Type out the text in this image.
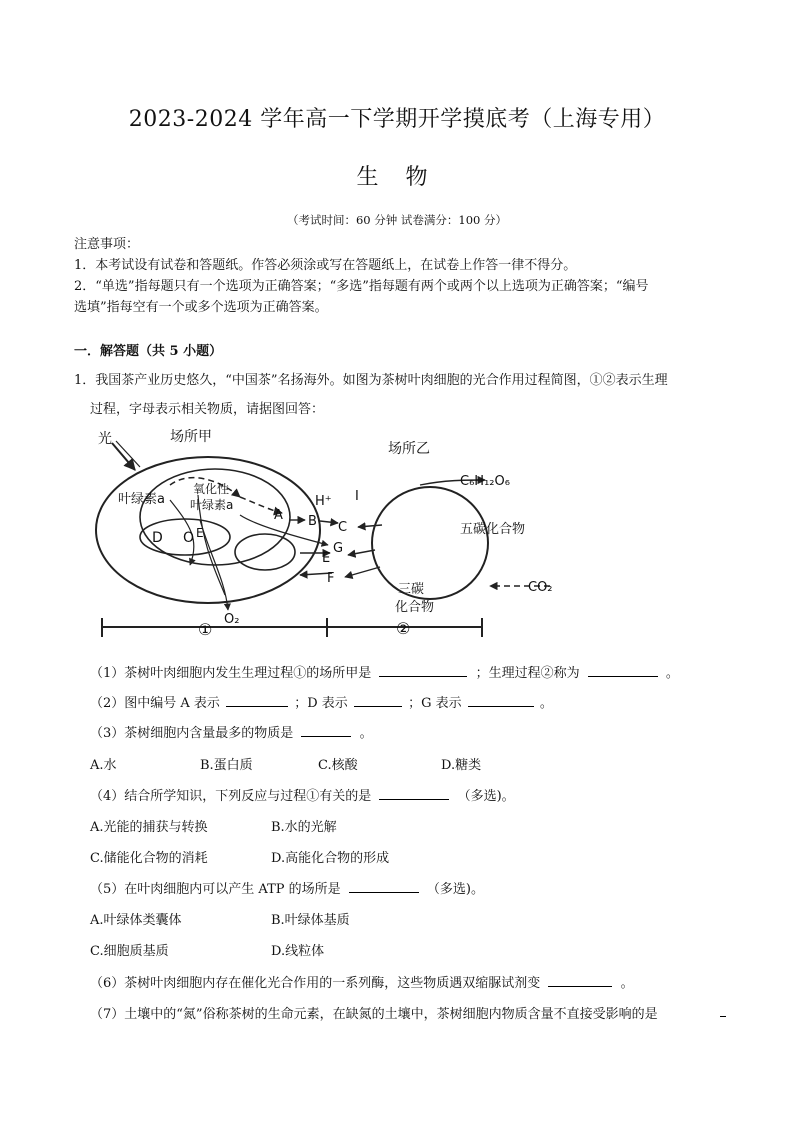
2023-2024 学年高一下学期开学摸底考（上海专用）
生 物
（考试时间：60 分钟 试卷满分：100 分）
注意事项：
1．本考试设有试卷和答题纸。作答必须涂或写在答题纸上，在试卷上作答一律不得分。
2．“单选”指每题只有一个选项为正确答案；“多选”指每题有两个或两个以上选项为正确答案；“编号
选填”指每空有一个或多个选项为正确答案。
一．解答题（共 5 小题）
1．我国茶产业历史悠久，“中国茶”名扬海外。如图为茶树叶肉细胞的光合作用过程简图，①②表示生理
过程，字母表示相关物质，请据图回答：
光	场所甲
场所乙
叶绿素a
氧化性
叶绿素a
A
H⁺
B C
I
D O E
G
E
F
O₂
C₆H₁₂O₆
五碳化合物
三碳
化合物
CO₂
①	②
（1）茶树叶肉细胞内发生生理过程①的场所甲是	；生理过程②称为	。
（2）图中编号 A 表示	；D 表示	；G 表示	。
（3）茶树细胞内含量最多的物质是	。
A.水	B.蛋白质	C.核酸	D.糖类
（4）结合所学知识，下列反应与过程①有关的是	（多选)。
A.光能的捕获与转换	B.水的光解
C.储能化合物的消耗	D.高能化合物的形成
（5）在叶肉细胞内可以产生 ATP 的场所是	（多选)。
A.叶绿体类囊体	B.叶绿体基质
C.细胞质基质	D.线粒体
（6）茶树叶肉细胞内存在催化光合作用的一系列酶，这些物质遇双缩脲试剂变	。
（7）土壤中的“氮”俗称茶树的生命元素，在缺氮的土壤中，茶树细胞内物质含量不直接受影响的是
